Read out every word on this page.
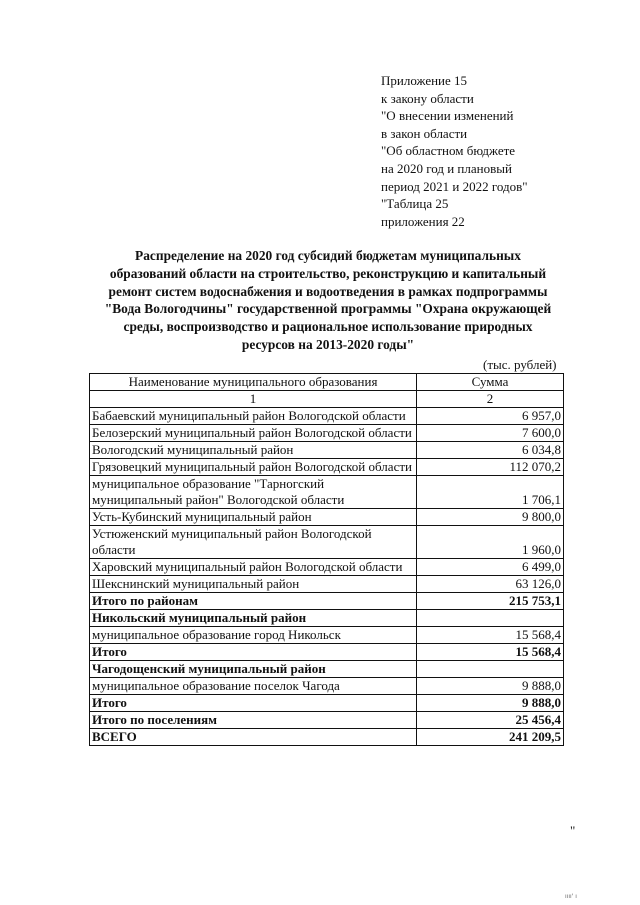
Приложение 15
к закону области
"О внесении изменений
в закон области
"Об областном бюджете
на 2020 год и плановый
период 2021 и 2022 годов"
"Таблица 25
приложения 22
Распределение на 2020 год субсидий бюджетам муниципальных
образований области на строительство, реконструкцию и капитальный
ремонт систем водоснабжения и водоотведения в рамках подпрограммы
"Вода Вологодчины" государственной программы "Охрана окружающей
среды, воспроизводство и рациональное использование природных
ресурсов на 2013-2020 годы"
(тыс. рублей)
Наименование муниципального образования	Сумма
1	2
Бабаевский муниципальный район Вологодской области	6 957,0
Белозерский муниципальный район Вологодской области	7 600,0
Вологодский муниципальный район	6 034,8
Грязовецкий муниципальный район Вологодской области	112 070,2
муниципальное образование "Тарногский муниципальный район" Вологодской области	1 706,1
Усть-Кубинский муниципальный район	9 800,0
Устюженский муниципальный район Вологодской области	1 960,0
Харовский муниципальный район Вологодской области	6 499,0
Шекснинский муниципальный район	63 126,0
Итого по районам	215 753,1
Никольский муниципальный район	
муниципальное образование город Никольск	15 568,4
Итого	15 568,4
Чагодощенский муниципальный район	
муниципальное образование поселок Чагода	9 888,0
Итого	9 888,0
Итого по поселениям	25 456,4
ВСЕГО	241 209,5
"
ıııı' ı
